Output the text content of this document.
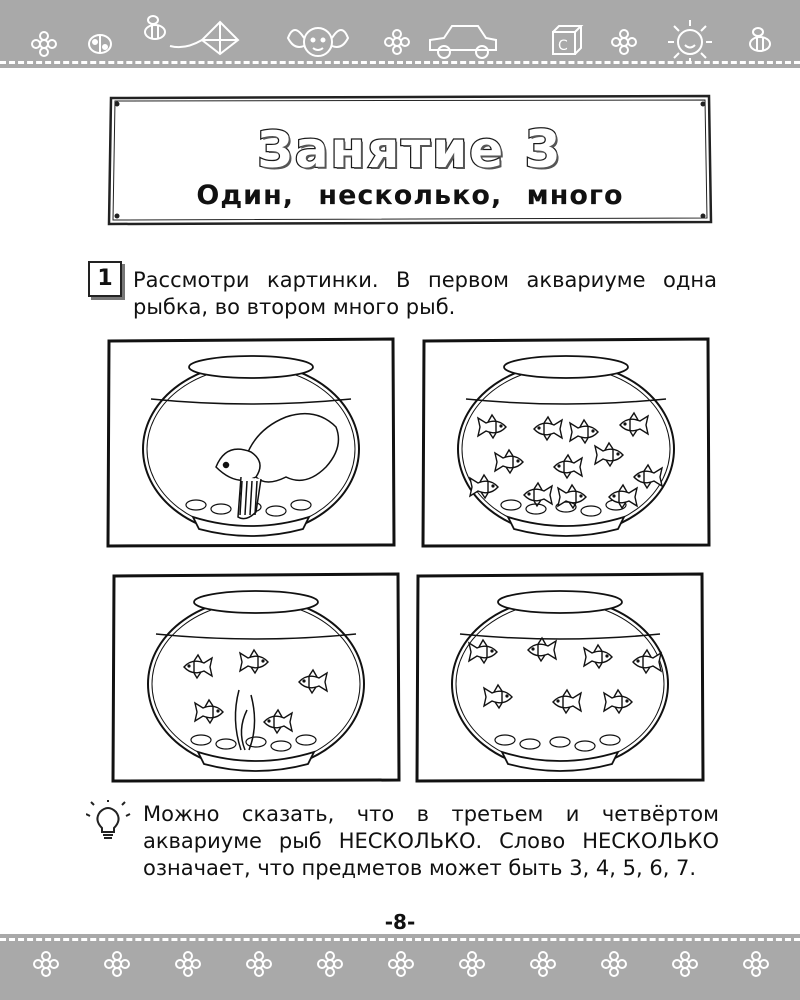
C
Занятие 3
Один, несколько, много
1 Рассмотри картинки. В первом аквариуме одна рыбка, во втором много рыб.
Можно сказать, что в третьем и четвёртом аквариуме рыб НЕСКОЛЬКО. Слово НЕСКОЛЬКО означает, что предметов может быть 3, 4, 5, 6, 7.
-8-
